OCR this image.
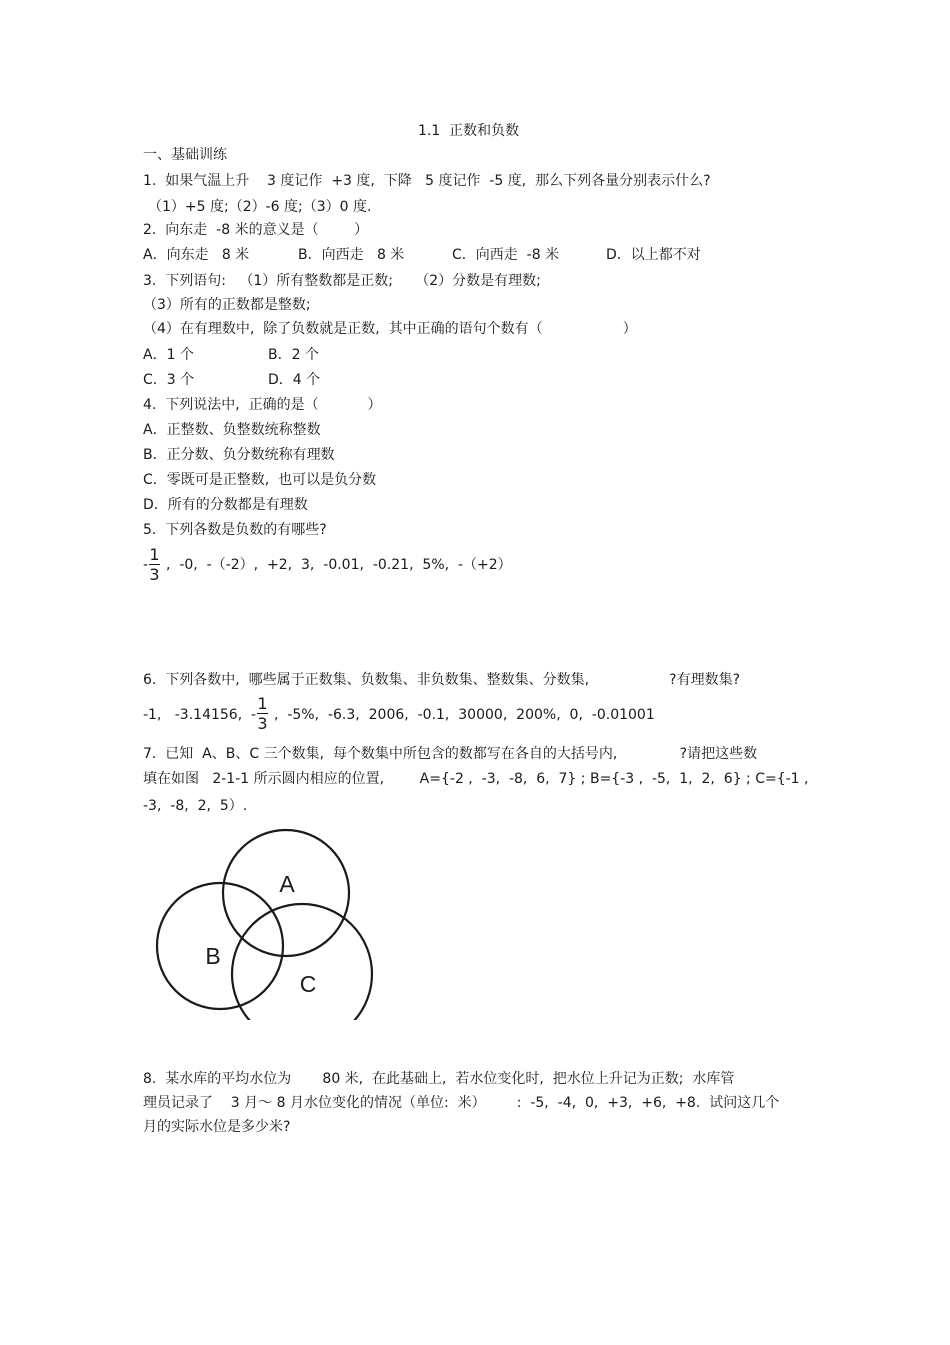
1.1  正数和负数
一、基础训练
1.  如果气温上升    3 度记作  +3 度,  下降   5 度记作  -5 度,  那么下列各量分别表示什么?
（1）+5 度;（2）-6 度;（3）0 度.
2.  向东走  -8 米的意义是（        ）
A．向东走   8 米	B．向西走   8 米	C．向西走  -8 米	D．以上都不对
3.  下列语句:   （1）所有整数都是正数;     （2）分数是有理数;
（3）所有的正数都是整数;
（4）在有理数中,  除了负数就是正数,  其中正确的语句个数有（                  ）
A．1 个	B．2 个
C．3 个	D．4 个
4.  下列说法中,  正确的是（           ）
A．正整数、负整数统称整数
B．正分数、负分数统称有理数
C．零既可是正整数,  也可以是负分数
D．所有的分数都是有理数
5.  下列各数是负数的有哪些?
-
1
3 ,  -0,  -（-2）,  +2,  3,  -0.01,  -0.21,  5%,  -（+2）
6.  下列各数中,  哪些属于正数集、负数集、非负数集、整数集、分数集,                  ?有理数集?
-1,   -3.14156,  -
1
3 ,  -5%,  -6.3,  2006,  -0.1,  30000,  200%,  0,  -0.01001
7.  已知  A、B、C 三个数集,  每个数集中所包含的数都写在各自的大括号内,              ?请把这些数
填在如图   2-1-1 所示圆内相应的位置,        A={-2 ,  -3,  -8,  6,  7} ; B={-3 ,  -5,  1,  2,  6} ; C={-1 ,
-3,  -8,  2,  5）.
A
B
C
8.  某水库的平均水位为       80 米,  在此基础上,  若水位变化时,  把水位上升记为正数;  水库管
理员记录了    3 月～ 8 月水位变化的情况（单位:  米）       :  -5,  -4,  0,  +3,  +6,  +8.  试问这几个
月的实际水位是多少米?
